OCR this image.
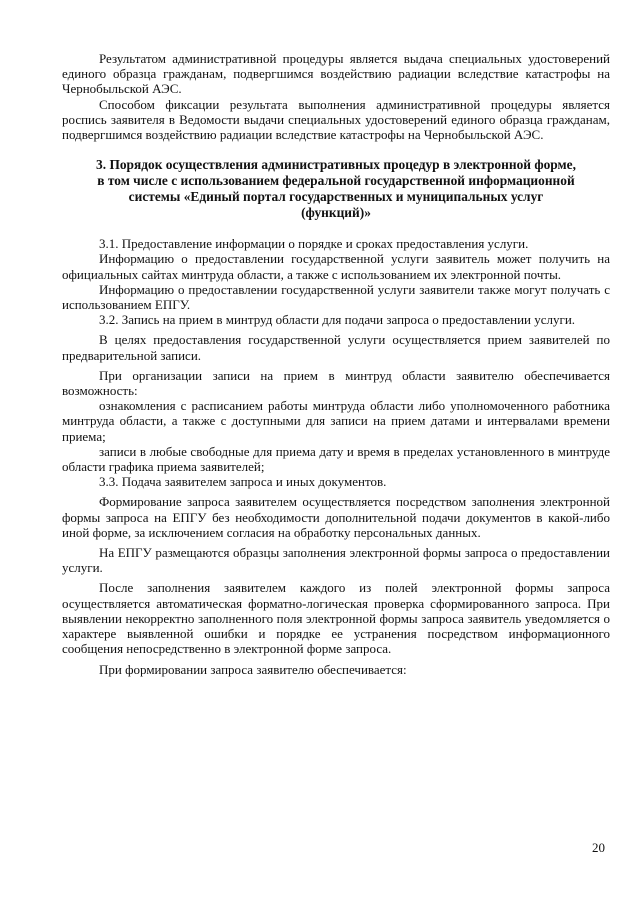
Результатом административной процедуры является выдача специальных удостоверений единого образца гражданам, подвергшимся воздействию радиации вследствие катастрофы на Чернобыльской АЭС.

Способом фиксации результата выполнения административной процедуры является роспись заявителя в Ведомости выдачи специальных удостоверений единого образца гражданам, подвергшимся воздействию радиации вследствие катастрофы на Чернобыльской АЭС.

3. Порядок осуществления административных процедур в электронной форме,
в том числе с использованием федеральной государственной информационной
системы «Единый портал государственных и муниципальных услуг
(функций)»

3.1. Предоставление информации о порядке и сроках предоставления услуги.

Информацию о предоставлении государственной услуги заявитель может получить на официальных сайтах минтруда области, а также с использованием их электронной почты.

Информацию о предоставлении государственной услуги заявители также могут получать с использованием ЕПГУ.

3.2. Запись на прием в минтруд области для подачи запроса о предоставлении услуги.

В целях предоставления государственной услуги осуществляется прием заявителей по предварительной записи.

При организации записи на прием в минтруд области заявителю обеспечивается возможность:

ознакомления с расписанием работы минтруда области либо уполномоченного работника минтруда области, а также с доступными для записи на прием датами и интервалами времени приема;

записи в любые свободные для приема дату и время в пределах установленного в минтруде области графика приема заявителей;

3.3. Подача заявителем запроса и иных документов.

Формирование запроса заявителем осуществляется посредством заполнения электронной формы запроса на ЕПГУ без необходимости дополнительной подачи документов в какой-либо иной форме, за исключением согласия на обработку персональных данных.

На ЕПГУ размещаются образцы заполнения электронной формы запроса о предоставлении услуги.

После заполнения заявителем каждого из полей электронной формы запроса осуществляется автоматическая форматно-логическая проверка сформированного запроса. При выявлении некорректно заполненного поля электронной формы запроса заявитель уведомляется о характере выявленной ошибки и порядке ее устранения посредством информационного сообщения непосредственно в электронной форме запроса.

При формировании запроса заявителю обеспечивается:

20
